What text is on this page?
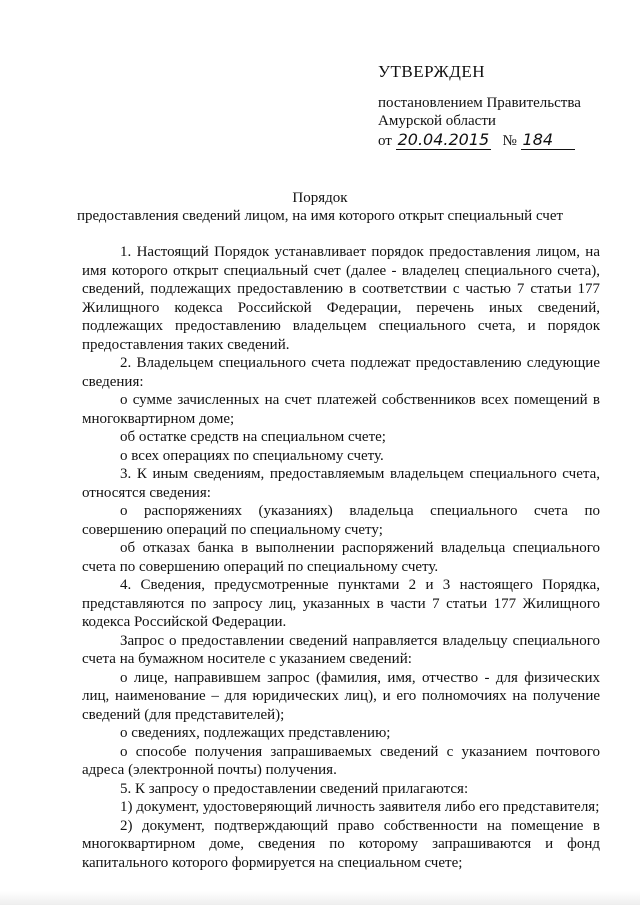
УТВЕРЖДЕН
постановлением Правительства
Амурской области
от 20.04.2015 № 184
Порядок
предоставления сведений лицом, на имя которого открыт специальный счет

1. Настоящий Порядок устанавливает порядок предоставления лицом, на имя которого открыт специальный счет (далее - владелец специального счета), сведений, подлежащих предоставлению в соответствии с частью 7 статьи 177 Жилищного кодекса Российской Федерации, перечень иных сведений, подлежащих предоставлению владельцем специального счета, и порядок предоставления таких сведений.

2. Владельцем специального счета подлежат предоставлению следующие сведения:

о сумме зачисленных на счет платежей собственников всех помещений в многоквартирном доме;

об остатке средств на специальном счете;

о всех операциях по специальному счету.

3. К иным сведениям, предоставляемым владельцем специального счета, относятся сведения:

о распоряжениях (указаниях) владельца специального счета по совершению операций по специальному счету;

об отказах банка в выполнении распоряжений владельца специального счета по совершению операций по специальному счету.

4. Сведения, предусмотренные пунктами 2 и 3 настоящего Порядка, представляются по запросу лиц, указанных в части 7 статьи 177 Жилищного кодекса Российской Федерации.

Запрос о предоставлении сведений направляется владельцу специального счета на бумажном носителе с указанием сведений:

о лице, направившем запрос (фамилия, имя, отчество - для физических лиц, наименование – для юридических лиц), и его полномочиях на получение сведений (для представителей);

о сведениях, подлежащих представлению;

о способе получения запрашиваемых сведений с указанием почтового адреса (электронной почты) получения.

5. К запросу о предоставлении сведений прилагаются:

1) документ, удостоверяющий личность заявителя либо его представителя;

2) документ, подтверждающий право собственности на помещение в многоквартирном доме, сведения по которому запрашиваются и фонд капитального которого формируется на специальном счете;
